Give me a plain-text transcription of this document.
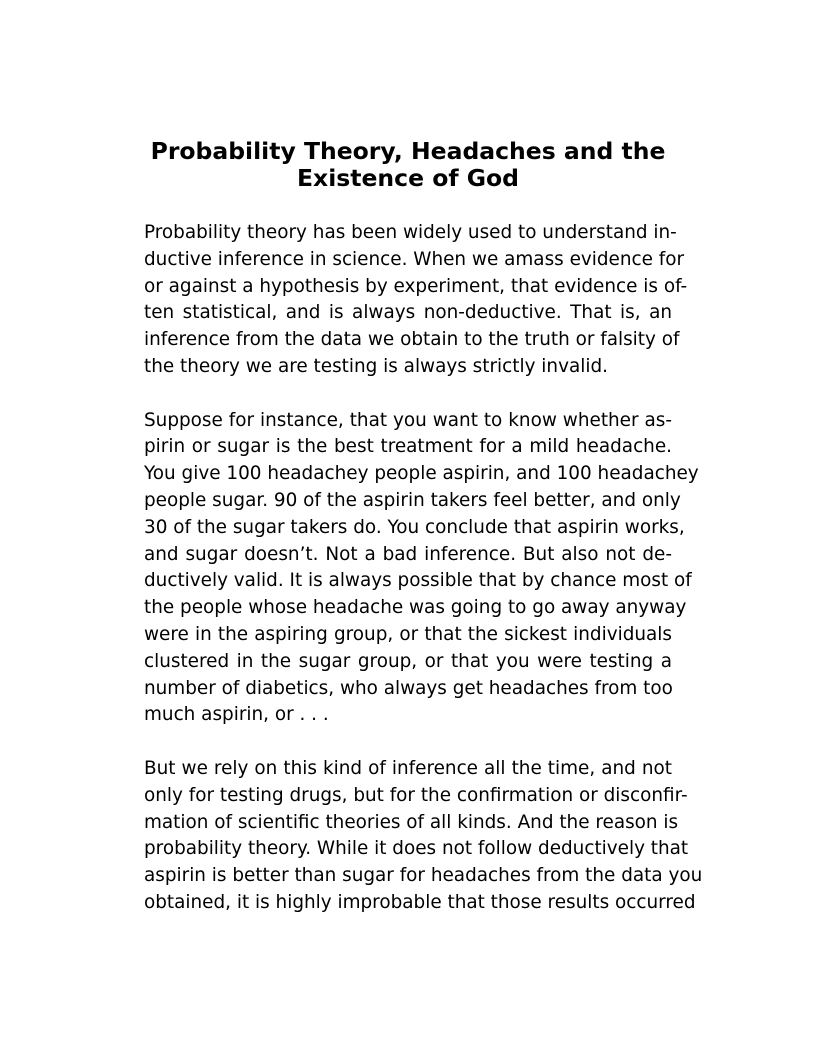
Probability Theory, Headaches and the
Existence of God

Probability theory has been widely used to understand in-
ductive inference in science. When we amass evidence for
or against a hypothesis by experiment, that evidence is of-
ten statistical, and is always non-deductive. That is, an
inference from the data we obtain to the truth or falsity of
the theory we are testing is always strictly invalid.

Suppose for instance, that you want to know whether as-
pirin or sugar is the best treatment for a mild headache.
You give 100 headachey people aspirin, and 100 headachey
people sugar. 90 of the aspirin takers feel better, and only
30 of the sugar takers do. You conclude that aspirin works,
and sugar doesn’t. Not a bad inference. But also not de-
ductively valid. It is always possible that by chance most of
the people whose headache was going to go away anyway
were in the aspiring group, or that the sickest individuals
clustered in the sugar group, or that you were testing a
number of diabetics, who always get headaches from too
much aspirin, or . . .

But we rely on this kind of inference all the time, and not
only for testing drugs, but for the confirmation or disconfir-
mation of scientific theories of all kinds. And the reason is
probability theory. While it does not follow deductively that
aspirin is better than sugar for headaches from the data you
obtained, it is highly improbable that those results occurred
